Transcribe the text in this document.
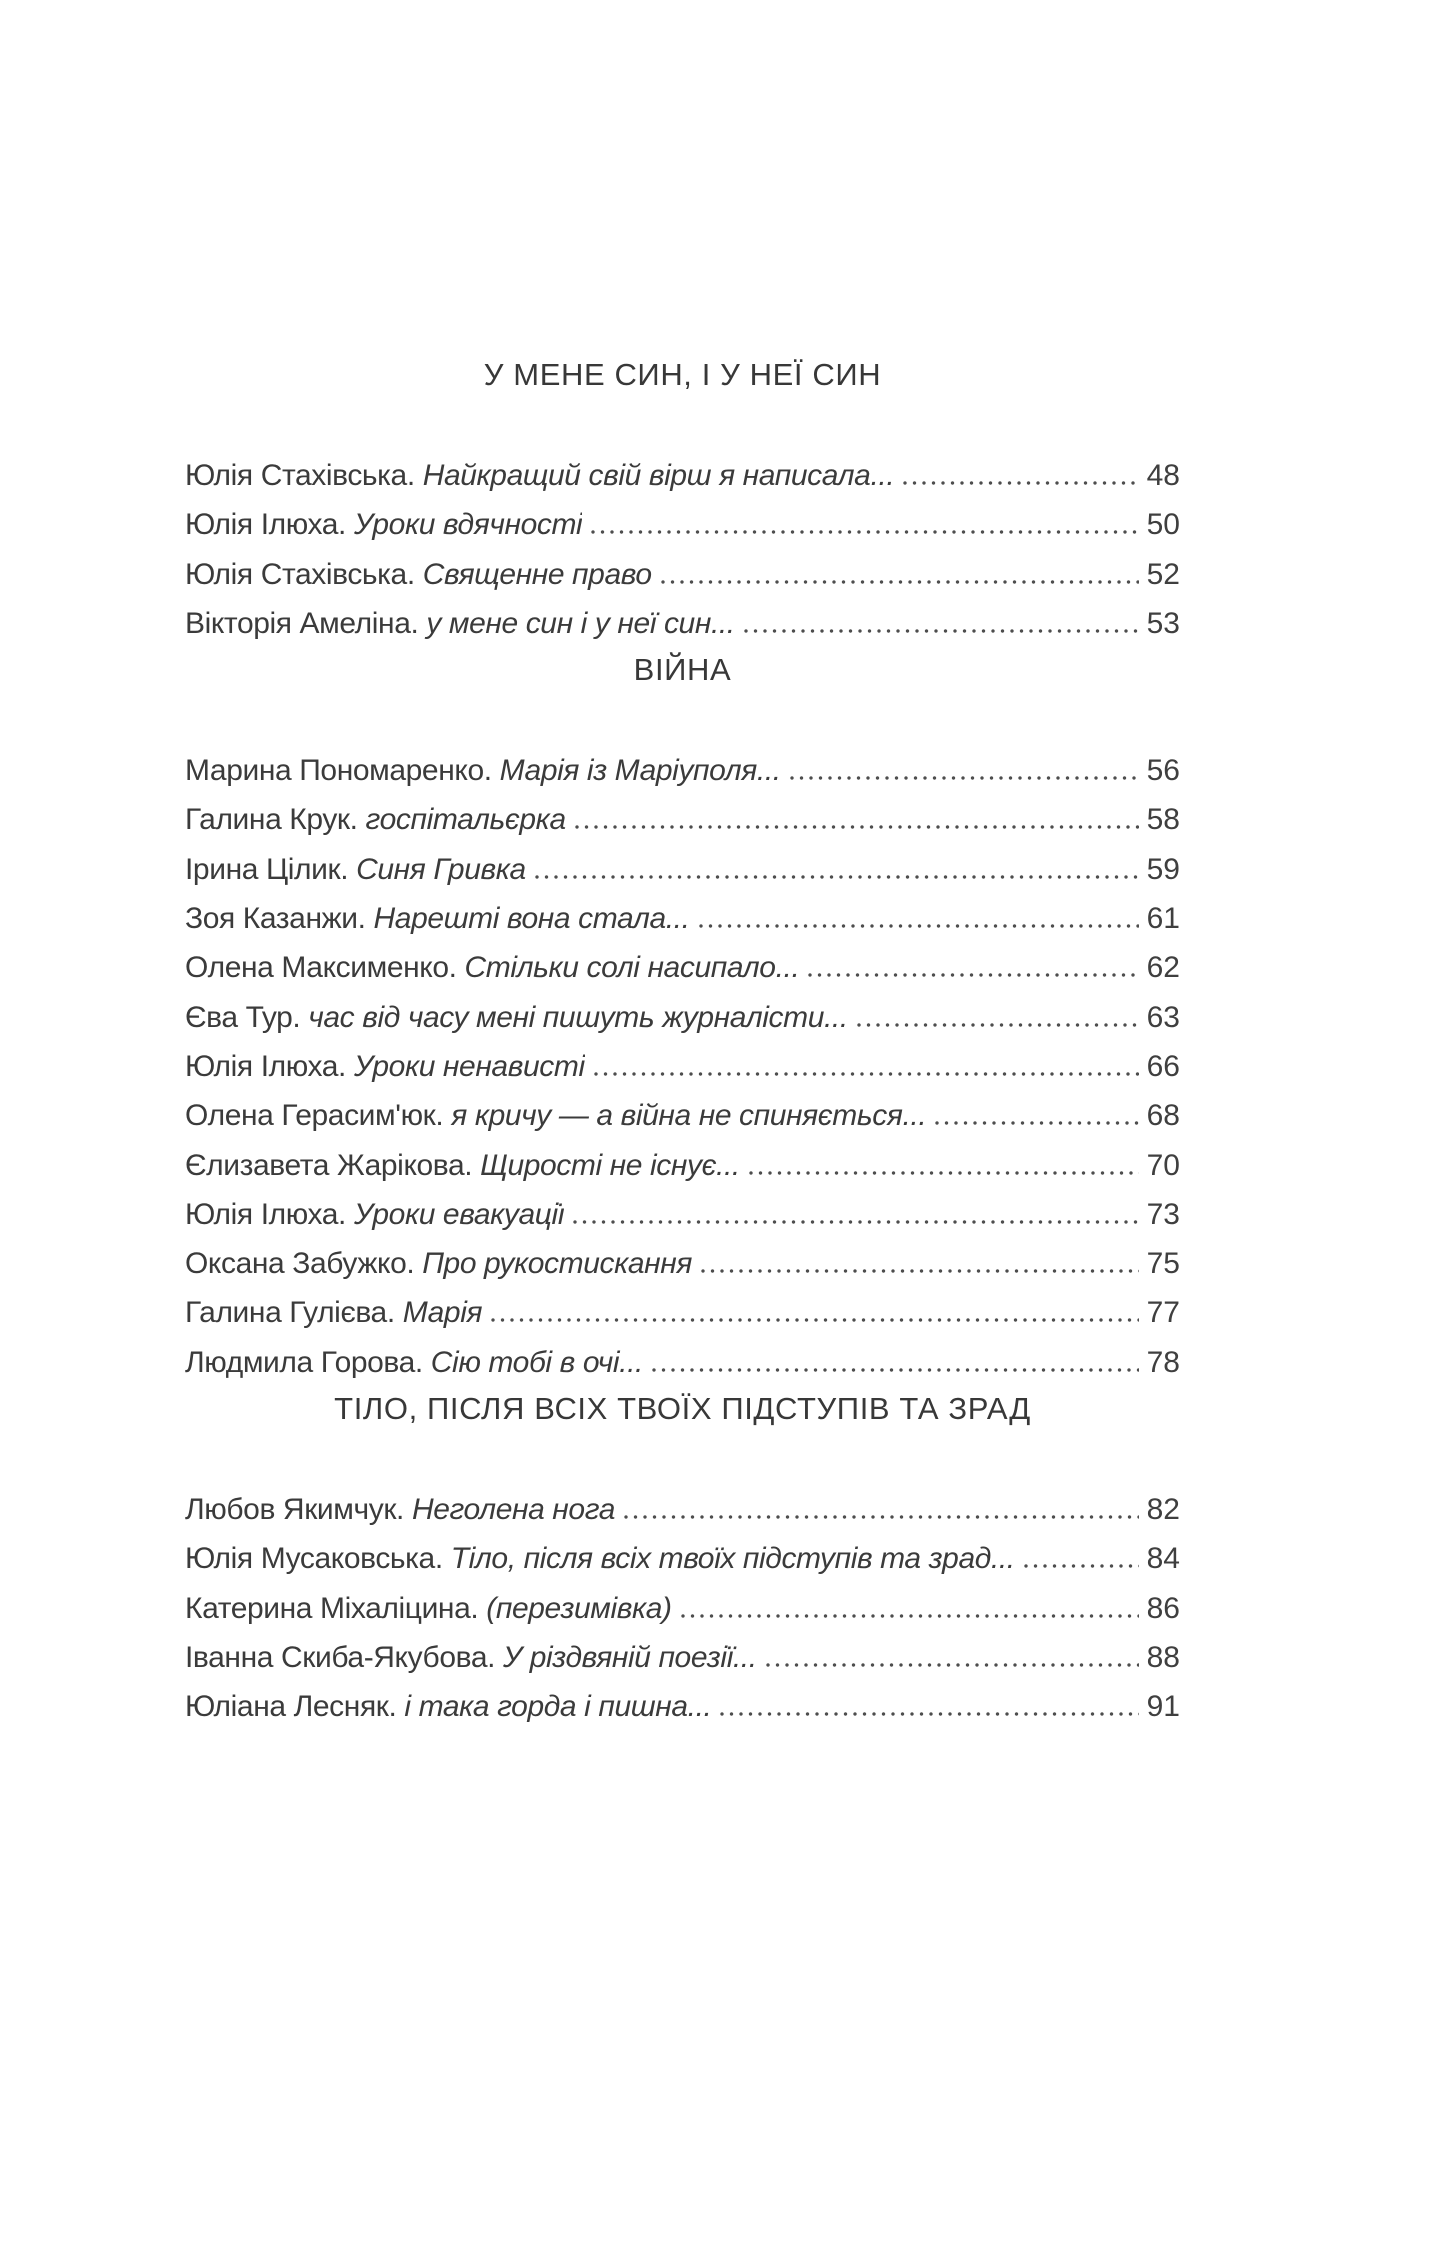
У МЕНЕ СИН, І У НЕЇ СИН
Юлія Стахівська. Найкращий свій вірш я написала...	48
Юлія Ілюха. Уроки вдячності	50
Юлія Стахівська. Священне право	52
Вікторія Амеліна. у мене син і у неї син...	53
ВІЙНА
Марина Пономаренко. Марія із Маріуполя...	56
Галина Крук. госпітальєрка	58
Ірина Цілик. Синя Гривка	59
Зоя Казанжи. Нарешті вона стала...	61
Олена Максименко. Стільки солі насипало...	62
Єва Тур. час від часу мені пишуть журналісти...	63
Юлія Ілюха. Уроки ненависті	66
Олена Герасим'юк. я кричу — а війна не спиняється...	68
Єлизавета Жарікова. Щирості не існує...	70
Юлія Ілюха. Уроки евакуації	73
Оксана Забужко. Про рукостискання	75
Галина Гулієва. Марія	77
Людмила Горова. Сію тобі в очі...	78
ТІЛО, ПІСЛЯ ВСІХ ТВОЇХ ПІДСТУПІВ ТА ЗРАД
Любов Якимчук. Неголена нога	82
Юлія Мусаковська. Тіло, після всіх твоїх підступів та зрад...	84
Катерина Міхаліцина. (перезимівка)	86
Іванна Скиба-Якубова. У різдвяній поезії...	88
Юліана Лесняк. і така горда і пишна...	91
